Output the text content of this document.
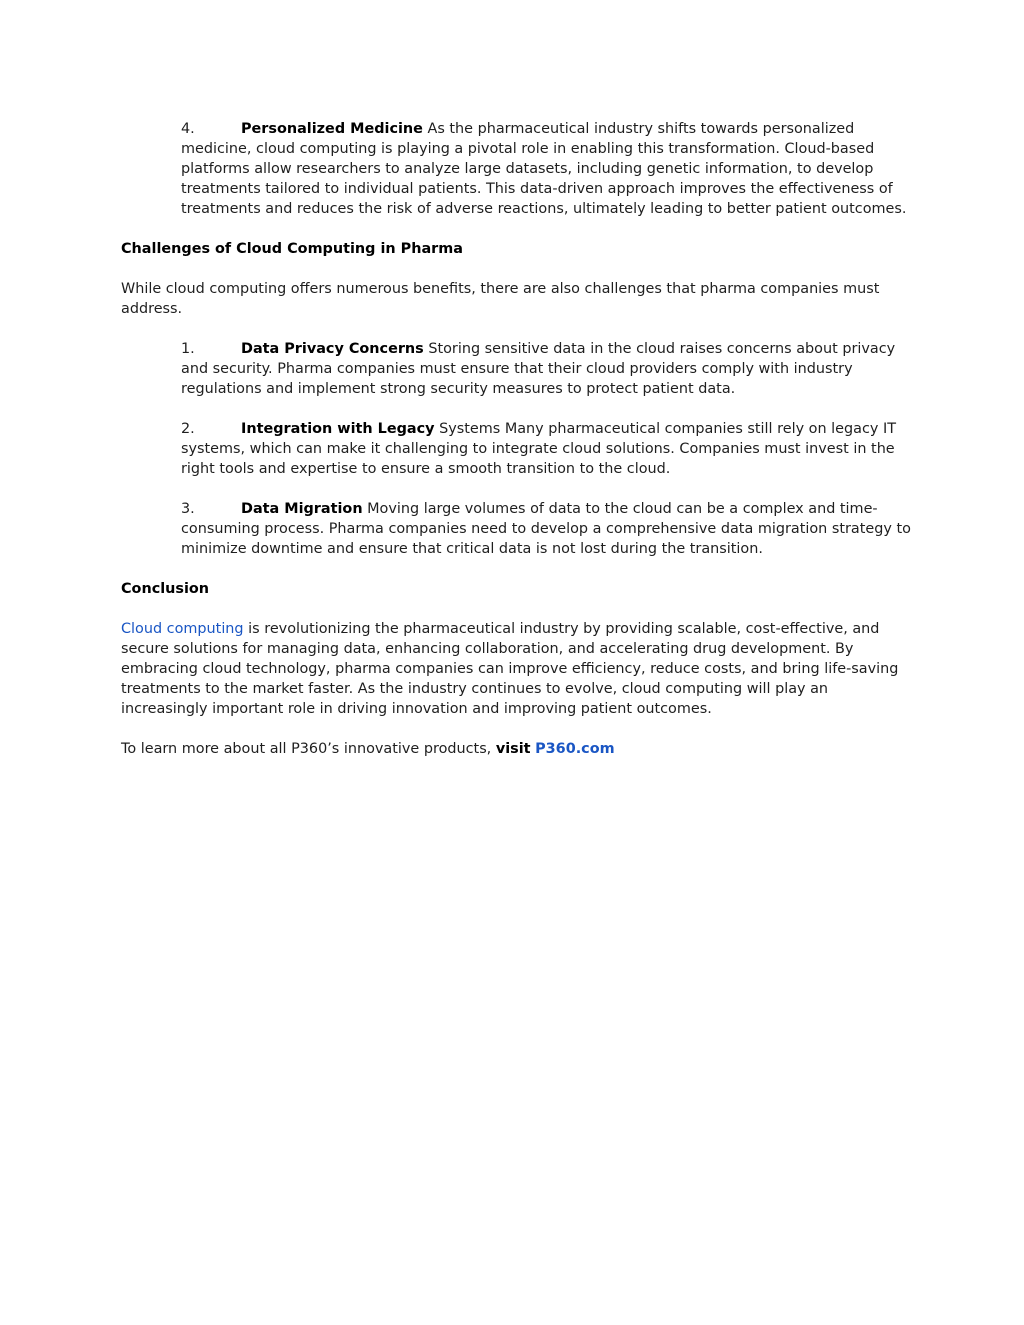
4.	Personalized Medicine As the pharmaceutical industry shifts towards personalized medicine, cloud computing is playing a pivotal role in enabling this transformation. Cloud-based platforms allow researchers to analyze large datasets, including genetic information, to develop treatments tailored to individual patients. This data-driven approach improves the effectiveness of treatments and reduces the risk of adverse reactions, ultimately leading to better patient outcomes.

Challenges of Cloud Computing in Pharma

While cloud computing offers numerous benefits, there are also challenges that pharma companies must address.

1.	Data Privacy Concerns Storing sensitive data in the cloud raises concerns about privacy and security. Pharma companies must ensure that their cloud providers comply with industry regulations and implement strong security measures to protect patient data.
2.	Integration with Legacy Systems Many pharmaceutical companies still rely on legacy IT systems, which can make it challenging to integrate cloud solutions. Companies must invest in the right tools and expertise to ensure a smooth transition to the cloud.
3.	Data Migration Moving large volumes of data to the cloud can be a complex and time-consuming process. Pharma companies need to develop a comprehensive data migration strategy to minimize downtime and ensure that critical data is not lost during the transition.

Conclusion

Cloud computing is revolutionizing the pharmaceutical industry by providing scalable, cost-effective, and secure solutions for managing data, enhancing collaboration, and accelerating drug development. By embracing cloud technology, pharma companies can improve efficiency, reduce costs, and bring life-saving treatments to the market faster. As the industry continues to evolve, cloud computing will play an increasingly important role in driving innovation and improving patient outcomes.

To learn more about all P360’s innovative products, visit P360.com
